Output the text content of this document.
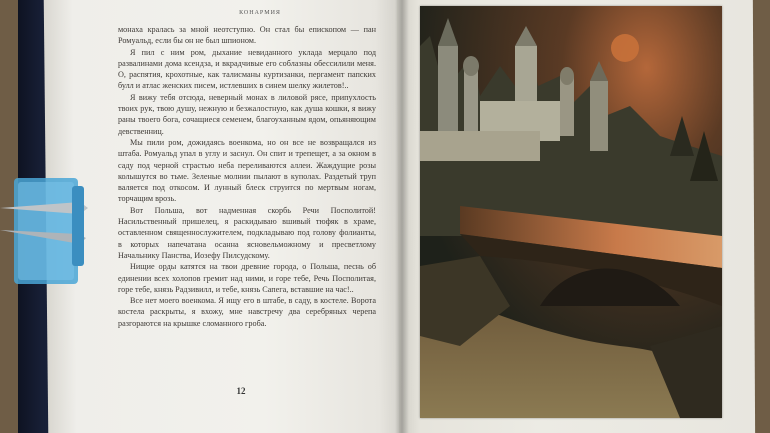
КОНАРМИЯ

монаха кралась за мной неотступно. Он стал бы епископом — пан Ромуальд, если бы он не был шпионом.

Я пил с ним ром, дыхание невиданного уклада мерцало под развалинами дома ксендза, и вкрадчивые его соблазны обессилили меня. О, распятия, крохотные, как талисманы куртизанки, пергамент папских булл и атлас женских писем, истлевших в синем шелку жилетов!..

Я вижу тебя отсюда, неверный монах в лиловой рясе, припухлость твоих рук, твою душу, нежную и безжалостную, как душа кошки, я вижу раны твоего бога, сочащиеся семенем, благоуханным ядом, опьяняющим девственниц.

Мы пили ром, дожидаясь военкома, но он все не возвращался из штаба. Ромуальд упал в углу и заснул. Он спит и трепещет, а за окном в саду под черной страстью неба переливаются аллеи. Жаждущие розы колышутся во тьме. Зеленые молнии пылают в куполах. Раздетый труп валяется под откосом. И лунный блеск струится по мертвым ногам, торчащим врозь.

Вот Польша, вот надменная скорбь Речи Посполитой! Насильственный пришелец, я раскидываю вшивый тюфяк в храме, оставленном священнослужителем, подкладываю под голову фолианты, в которых напечатана осанна ясновельможному и пресветлому Начальнику Панства, Иозефу Пилсудскому.

Нищие орды катятся на твои древние города, о Польша, песнь об единении всех холопов гремит над ними, и горе тебе, Речь Посполитая, горе тебе, князь Радзивилл, и тебе, князь Сапега, вставшие на час!..

Все нет моего военкома. Я ищу его в штабе, в саду, в костеле. Ворота костела раскрыты, я вхожу, мне навстречу два серебряных черепа разгораются на крышке сломанного гроба.

12
